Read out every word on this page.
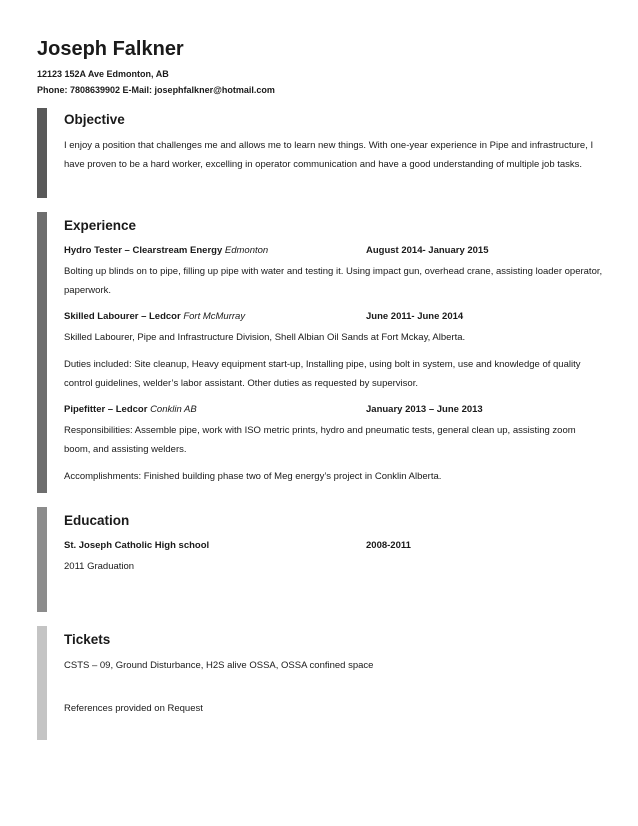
Joseph Falkner
12123 152A Ave Edmonton, AB
Phone: 7808639902 E-Mail: josephfalkner@hotmail.com
Objective

I enjoy a position that challenges me and allows me to learn new things. With one-year experience in Pipe and infrastructure, I have proven to be a hard worker, excelling in operator communication and have a good understanding of multiple job tasks.

Experience
Hydro Tester – Clearstream Energy Edmonton	August 2014- January 2015

Bolting up blinds on to pipe, filling up pipe with water and testing it. Using impact gun, overhead crane, assisting loader operator, paperwork.

Skilled Labourer – Ledcor Fort McMurray	June 2011- June 2014

Skilled Labourer, Pipe and Infrastructure Division, Shell Albian Oil Sands at Fort Mckay, Alberta.

Duties included: Site cleanup, Heavy equipment start-up, Installing pipe, using bolt in system, use and knowledge of quality control guidelines, welder’s labor assistant. Other duties as requested by supervisor.

Pipefitter – Ledcor Conklin AB	January 2013 – June 2013

Responsibilities: Assemble pipe, work with ISO metric prints, hydro and pneumatic tests, general clean up, assisting zoom boom, and assisting welders.

Accomplishments: Finished building phase two of Meg energy’s project in Conklin Alberta.

Education
St. Joseph Catholic High school	2008-2011

2011 Graduation

Tickets

CSTS – 09, Ground Disturbance, H2S alive OSSA, OSSA confined space

References provided on Request
